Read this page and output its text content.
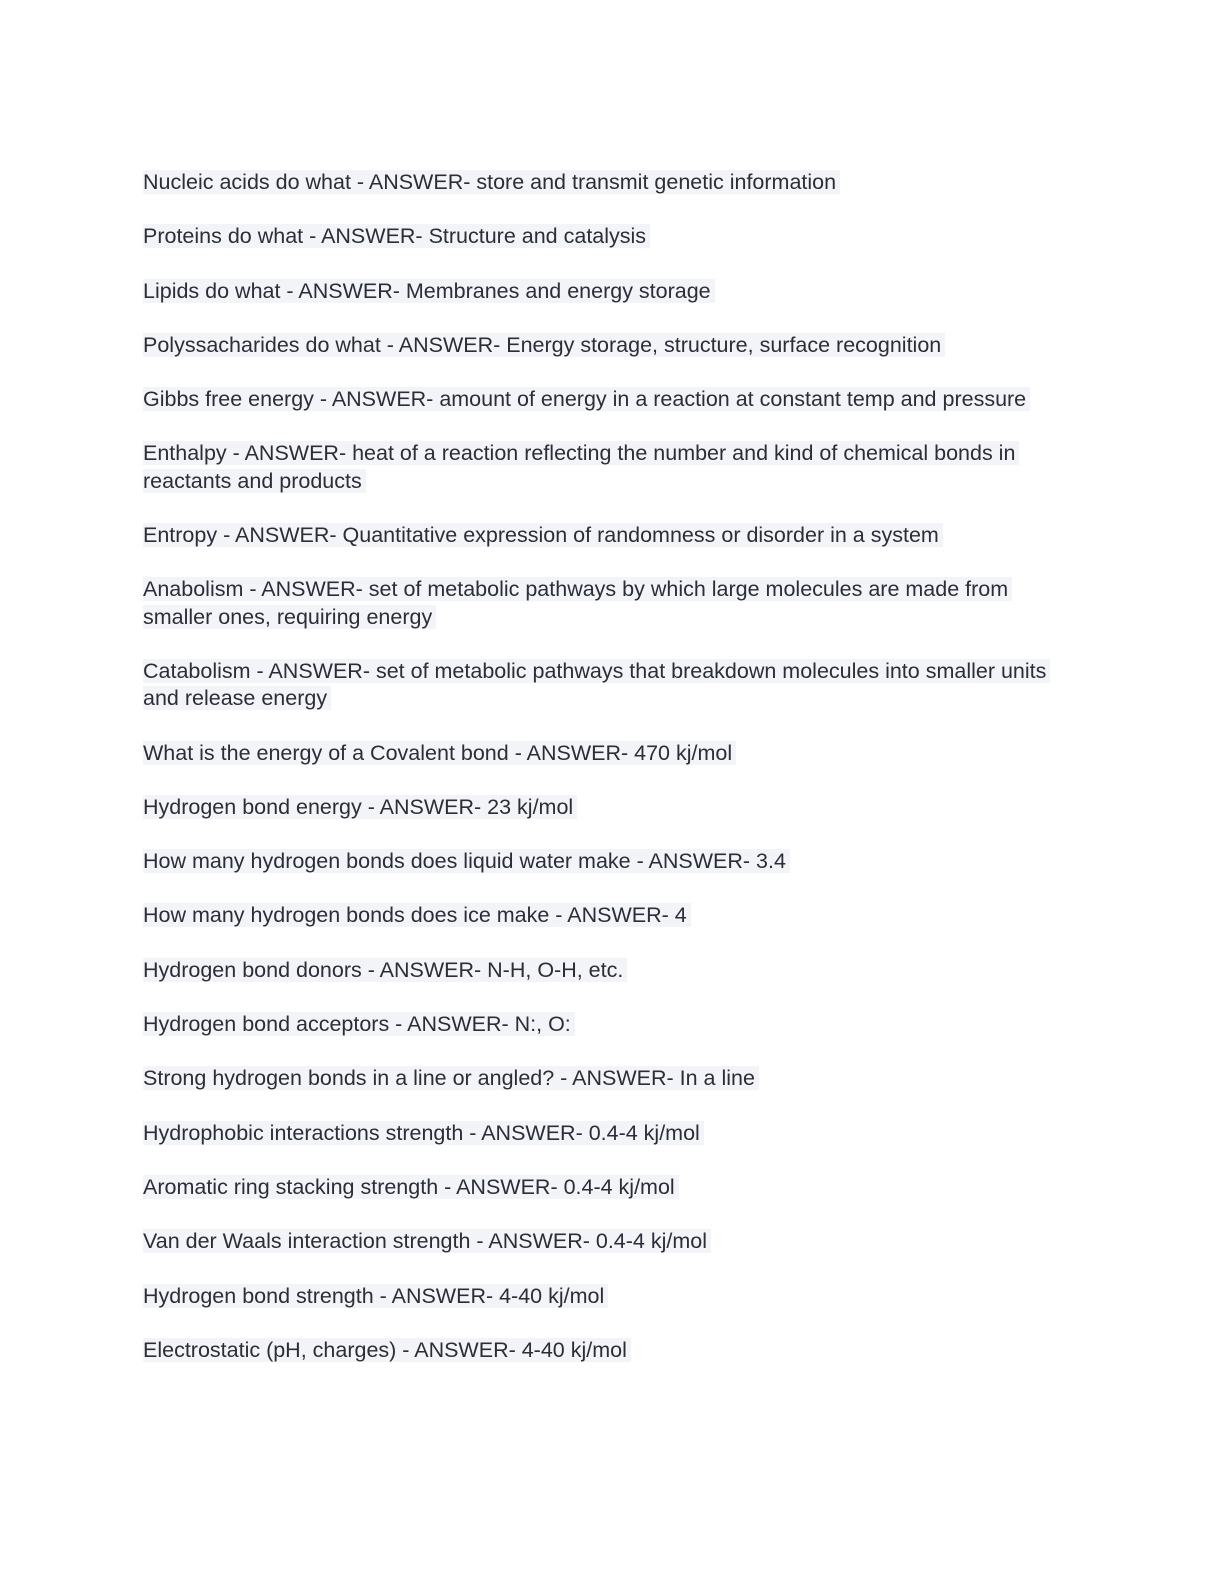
Nucleic acids do what - ANSWER- store and transmit genetic information
Proteins do what - ANSWER- Structure and catalysis
Lipids do what - ANSWER- Membranes and energy storage
Polyssacharides do what - ANSWER- Energy storage, structure, surface recognition
Gibbs free energy - ANSWER- amount of energy in a reaction at constant temp and pressure
Enthalpy - ANSWER- heat of a reaction reflecting the number and kind of chemical bonds in reactants and products
Entropy - ANSWER- Quantitative expression of randomness or disorder in a system
Anabolism - ANSWER- set of metabolic pathways by which large molecules are made from smaller ones, requiring energy
Catabolism - ANSWER- set of metabolic pathways that breakdown molecules into smaller units and release energy
What is the energy of a Covalent bond - ANSWER- 470 kj/mol
Hydrogen bond energy - ANSWER- 23 kj/mol
How many hydrogen bonds does liquid water make - ANSWER- 3.4
How many hydrogen bonds does ice make - ANSWER- 4
Hydrogen bond donors - ANSWER- N-H, O-H, etc.
Hydrogen bond acceptors - ANSWER- N:, O:
Strong hydrogen bonds in a line or angled? - ANSWER- In a line
Hydrophobic interactions strength - ANSWER- 0.4-4 kj/mol
Aromatic ring stacking strength - ANSWER- 0.4-4 kj/mol
Van der Waals interaction strength - ANSWER- 0.4-4 kj/mol
Hydrogen bond strength - ANSWER- 4-40 kj/mol
Electrostatic (pH, charges) - ANSWER- 4-40 kj/mol
